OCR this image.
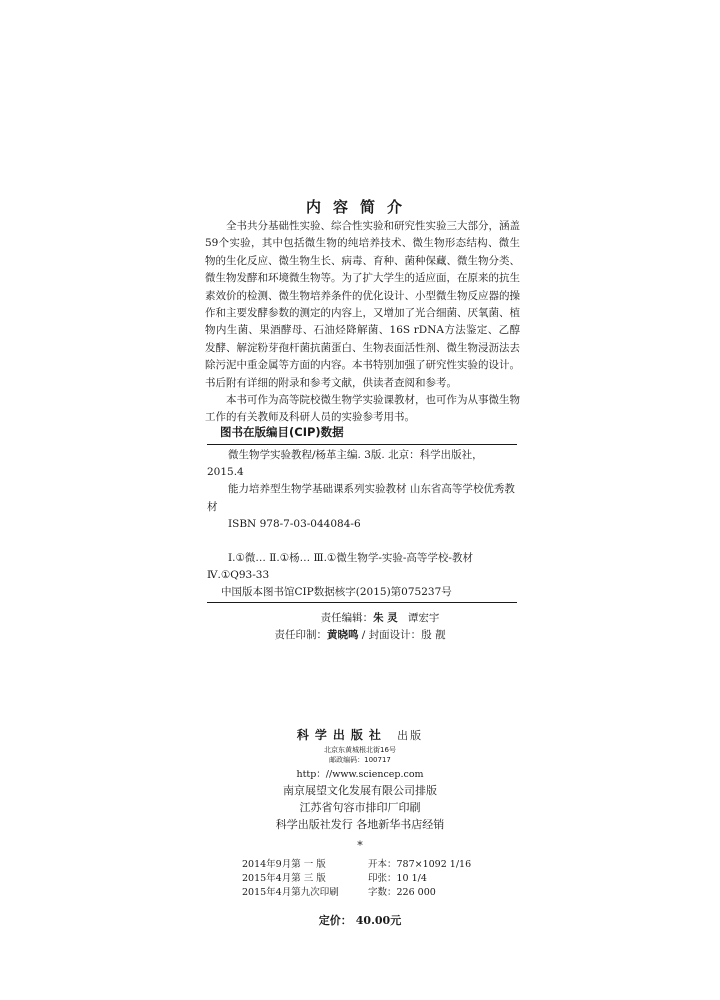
内容简介

全书共分基础性实验、综合性实验和研究性实验三大部分，涵盖59个实验，其中包括微生物的纯培养技术、微生物形态结构、微生物的生化反应、微生物生长、病毒、育种、菌种保藏、微生物分类、微生物发酵和环境微生物等。为了扩大学生的适应面，在原来的抗生素效价的检测、微生物培养条件的优化设计、小型微生物反应器的操作和主要发酵参数的测定的内容上，又增加了光合细菌、厌氧菌、植物内生菌、果酒酵母、石油烃降解菌、16S rDNA方法鉴定、乙醇发酵、解淀粉芽孢杆菌抗菌蛋白、生物表面活性剂、微生物浸沥法去除污泥中重金属等方面的内容。本书特别加强了研究性实验的设计。书后附有详细的附录和参考文献，供读者查阅和参考。

本书可作为高等院校微生物学实验课教材，也可作为从事微生物工作的有关教师及科研人员的实验参考用书。

图书在版编目(CIP)数据

微生物学实验教程/杨革主编. 3版. 北京：科学出版社，2015.4

能力培养型生物学基础课系列实验教材 山东省高等学校优秀教材

ISBN 978-7-03-044084-6

Ⅰ.①微… Ⅱ.①杨… Ⅲ.①微生物学-实验-高等学校-教材 Ⅳ.①Q93-33

中国版本图书馆CIP数据核字(2015)第075237号

责任编辑：朱 灵 谭宏宇
责任印制：黄晓鸣 / 封面设计：殷 靓
科学出版社 出版
北京东黄城根北街16号
邮政编码：100717
http：//www.sciencep.com
南京展望文化发展有限公司排版
江苏省句容市排印厂印刷
科学出版社发行 各地新华书店经销
*
2014年9月第 一 版	开本：787×1092 1/16
2015年4月第 三 版	印张：10 1/4
2015年4月第九次印刷	字数：226 000
定价： 40.00元
